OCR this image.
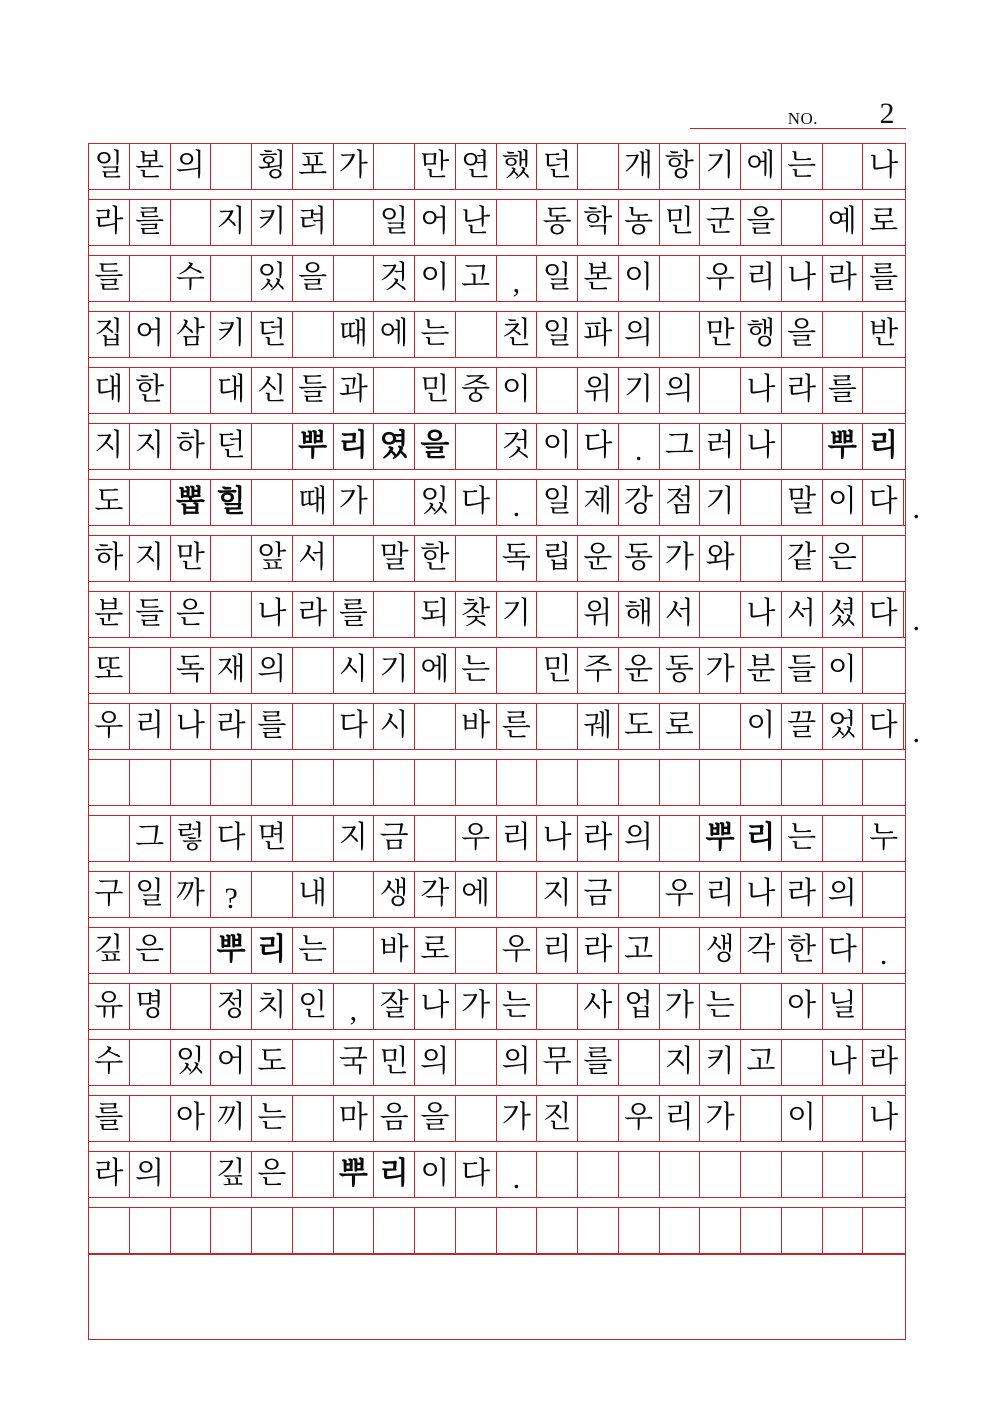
NO. 2
일 본 의 횡 포 가 만 연 했 던 개 항 기 에 는 나
라 를 지 키 려 일 어 난 동 학 농 민 군 을 예 로
들 수 있 을 것 이 고 , 일 본 이 우 리 나 라 를
집 어 삼 키 던 때 에 는 친 일 파 의 만 행 을 반
대 한 대 신 들 과 민 중 이 위 기 의 나 라 를
지 지 하 던 뿌 리 였 을 것 이 다 . 그 러 나 뿌 리
도 뽑 힐 때 가 있 다 . 일 제 강 점 기 말 이 다 .
하 지 만 앞 서 말 한 독 립 운 동 가 와 같 은
분 들 은 나 라 를 되 찾 기 위 해 서 나 서 셨 다 .
또 독 재 의 시 기 에 는 민 주 운 동 가 분 들 이
우 리 나 라 를 다 시 바 른 궤 도 로 이 끌 었 다 .
그 렇 다 면 지 금 우 리 나 라 의 뿌 리 는 누
구 일 까 ? 내 생 각 에 지 금 우 리 나 라 의
깊 은 뿌 리 는 바 로 우 리 라 고 생 각 한 다 .
유 명 정 치 인 , 잘 나 가 는 사 업 가 는 아 닐
수 있 어 도 국 민 의 의 무 를 지 키 고 나 라
를 아 끼 는 마 음 을 가 진 우 리 가 이 나
라 의 깊 은 뿌 리 이 다 .
